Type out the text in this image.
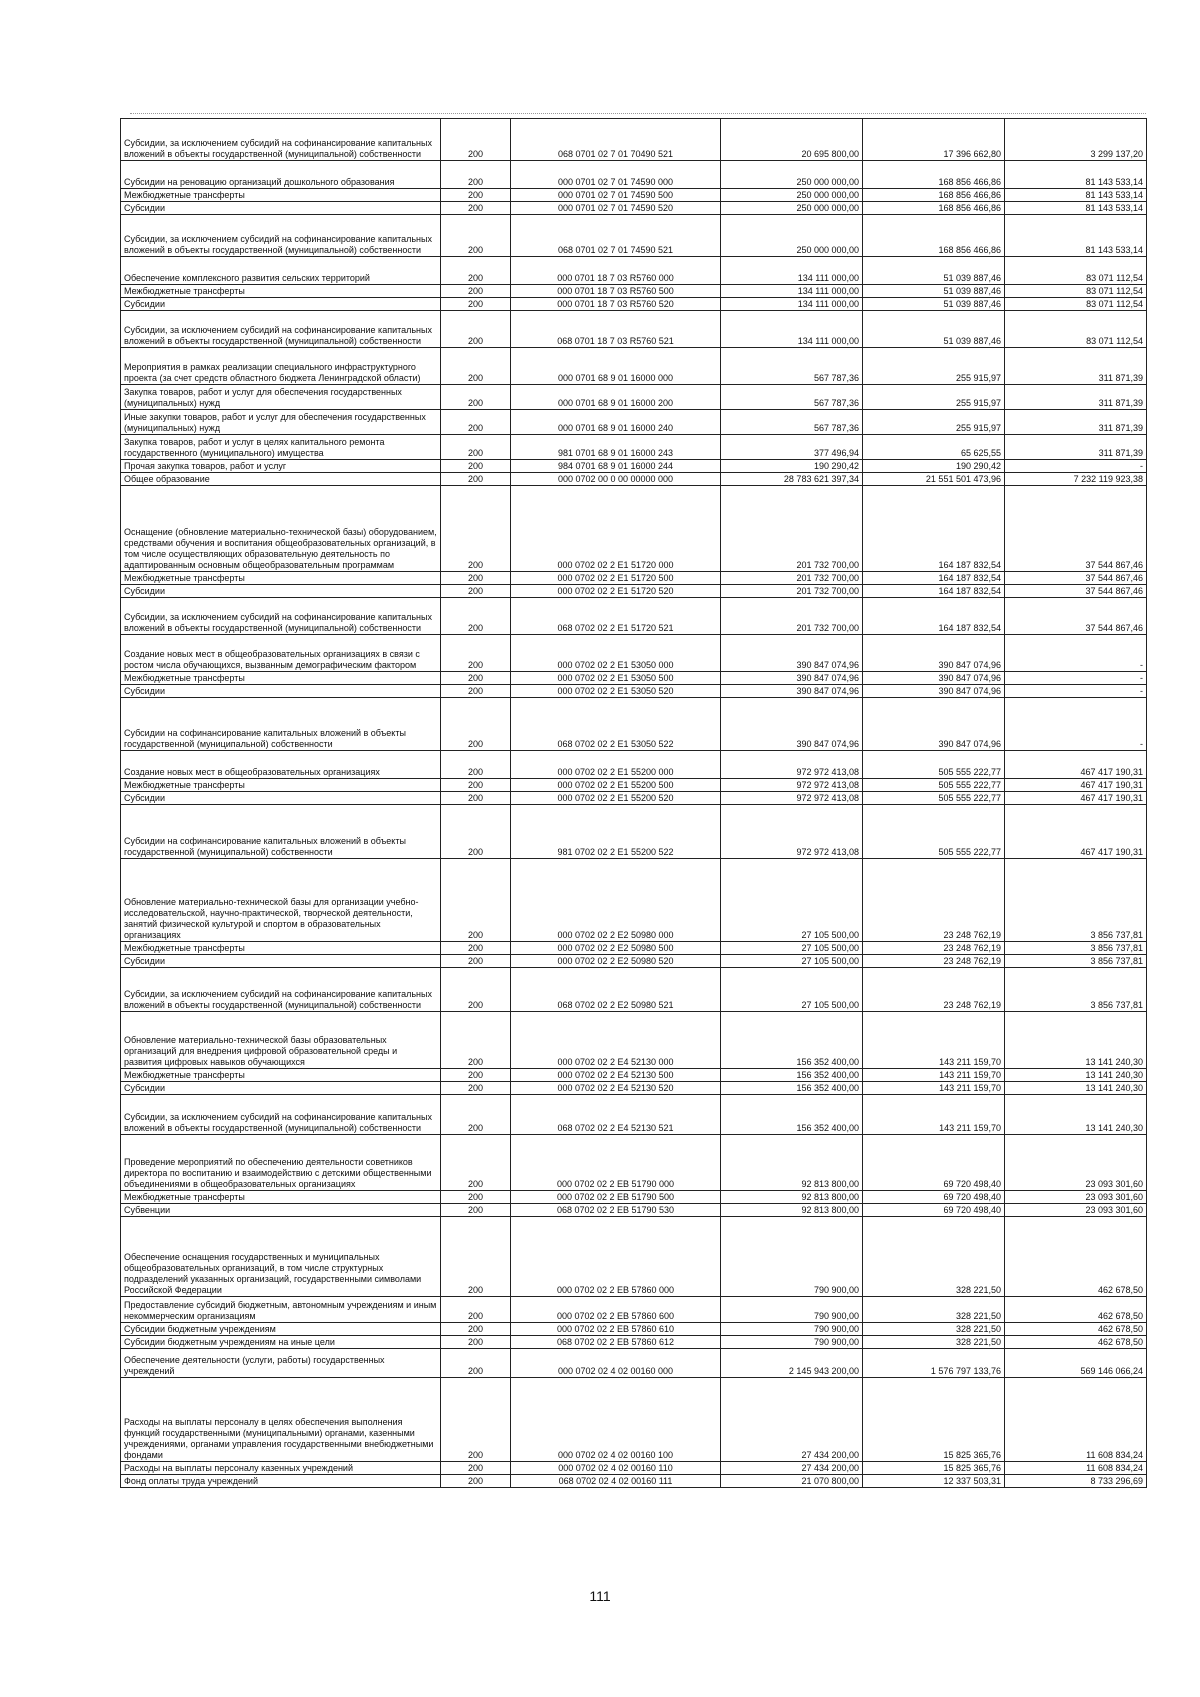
Субсидии, за исключением субсидий на софинансирование капитальных вложений в объекты государственной (муниципальной) собственности	200	068 0701 02 7 01 70490 521	20 695 800,00	17 396 662,80	3 299 137,20
Субсидии на реновацию организаций дошкольного образования	200	000 0701 02 7 01 74590 000	250 000 000,00	168 856 466,86	81 143 533,14
Межбюджетные трансферты	200	000 0701 02 7 01 74590 500	250 000 000,00	168 856 466,86	81 143 533,14
Субсидии	200	000 0701 02 7 01 74590 520	250 000 000,00	168 856 466,86	81 143 533,14
Субсидии, за исключением субсидий на софинансирование капитальных вложений в объекты государственной (муниципальной) собственности	200	068 0701 02 7 01 74590 521	250 000 000,00	168 856 466,86	81 143 533,14
Обеспечение комплексного развития сельских территорий	200	000 0701 18 7 03 R5760 000	134 111 000,00	51 039 887,46	83 071 112,54
Межбюджетные трансферты	200	000 0701 18 7 03 R5760 500	134 111 000,00	51 039 887,46	83 071 112,54
Субсидии	200	000 0701 18 7 03 R5760 520	134 111 000,00	51 039 887,46	83 071 112,54
Субсидии, за исключением субсидий на софинансирование капитальных вложений в объекты государственной (муниципальной) собственности	200	068 0701 18 7 03 R5760 521	134 111 000,00	51 039 887,46	83 071 112,54
Мероприятия в рамках реализации специального инфраструктурного проекта (за счет средств областного бюджета Ленинградской области)	200	000 0701 68 9 01 16000 000	567 787,36	255 915,97	311 871,39
Закупка товаров, работ и услуг для обеспечения государственных (муниципальных) нужд	200	000 0701 68 9 01 16000 200	567 787,36	255 915,97	311 871,39
Иные закупки товаров, работ и услуг для обеспечения государственных (муниципальных) нужд	200	000 0701 68 9 01 16000 240	567 787,36	255 915,97	311 871,39
Закупка товаров, работ и услуг в целях капитального ремонта государственного (муниципального) имущества	200	981 0701 68 9 01 16000 243	377 496,94	65 625,55	311 871,39
Прочая закупка товаров, работ и услуг	200	984 0701 68 9 01 16000 244	190 290,42	190 290,42	-
Общее образование	200	000 0702 00 0 00 00000 000	28 783 621 397,34	21 551 501 473,96	7 232 119 923,38
Оснащение (обновление материально-технической базы) оборудованием, средствами обучения и воспитания общеобразовательных организаций, в том числе осуществляющих образовательную деятельность по адаптированным основным общеобразовательным программам	200	000 0702 02 2 E1 51720 000	201 732 700,00	164 187 832,54	37 544 867,46
Межбюджетные трансферты	200	000 0702 02 2 E1 51720 500	201 732 700,00	164 187 832,54	37 544 867,46
Субсидии	200	000 0702 02 2 E1 51720 520	201 732 700,00	164 187 832,54	37 544 867,46
Субсидии, за исключением субсидий на софинансирование капитальных вложений в объекты государственной (муниципальной) собственности	200	068 0702 02 2 E1 51720 521	201 732 700,00	164 187 832,54	37 544 867,46
Создание новых мест в общеобразовательных организациях в связи с ростом числа обучающихся, вызванным демографическим фактором	200	000 0702 02 2 E1 53050 000	390 847 074,96	390 847 074,96	-
Межбюджетные трансферты	200	000 0702 02 2 E1 53050 500	390 847 074,96	390 847 074,96	-
Субсидии	200	000 0702 02 2 E1 53050 520	390 847 074,96	390 847 074,96	-
Субсидии на софинансирование капитальных вложений в объекты государственной (муниципальной) собственности	200	068 0702 02 2 E1 53050 522	390 847 074,96	390 847 074,96	-
Создание новых мест в общеобразовательных организациях	200	000 0702 02 2 E1 55200 000	972 972 413,08	505 555 222,77	467 417 190,31
Межбюджетные трансферты	200	000 0702 02 2 E1 55200 500	972 972 413,08	505 555 222,77	467 417 190,31
Субсидии	200	000 0702 02 2 E1 55200 520	972 972 413,08	505 555 222,77	467 417 190,31
Субсидии на софинансирование капитальных вложений в объекты государственной (муниципальной) собственности	200	981 0702 02 2 E1 55200 522	972 972 413,08	505 555 222,77	467 417 190,31
Обновление материально-технической базы для организации учебно-исследовательской, научно-практической, творческой деятельности, занятий физической культурой и спортом в образовательных организациях	200	000 0702 02 2 E2 50980 000	27 105 500,00	23 248 762,19	3 856 737,81
Межбюджетные трансферты	200	000 0702 02 2 E2 50980 500	27 105 500,00	23 248 762,19	3 856 737,81
Субсидии	200	000 0702 02 2 E2 50980 520	27 105 500,00	23 248 762,19	3 856 737,81
Субсидии, за исключением субсидий на софинансирование капитальных вложений в объекты государственной (муниципальной) собственности	200	068 0702 02 2 E2 50980 521	27 105 500,00	23 248 762,19	3 856 737,81
Обновление материально-технической базы образовательных организаций для внедрения цифровой образовательной среды и развития цифровых навыков обучающихся	200	000 0702 02 2 E4 52130 000	156 352 400,00	143 211 159,70	13 141 240,30
Межбюджетные трансферты	200	000 0702 02 2 E4 52130 500	156 352 400,00	143 211 159,70	13 141 240,30
Субсидии	200	000 0702 02 2 E4 52130 520	156 352 400,00	143 211 159,70	13 141 240,30
Субсидии, за исключением субсидий на софинансирование капитальных вложений в объекты государственной (муниципальной) собственности	200	068 0702 02 2 E4 52130 521	156 352 400,00	143 211 159,70	13 141 240,30
Проведение мероприятий по обеспечению деятельности советников директора по воспитанию и взаимодействию с детскими общественными объединениями в общеобразовательных организациях	200	000 0702 02 2 EВ 51790 000	92 813 800,00	69 720 498,40	23 093 301,60
Межбюджетные трансферты	200	000 0702 02 2 EВ 51790 500	92 813 800,00	69 720 498,40	23 093 301,60
Субвенции	200	068 0702 02 2 EВ 51790 530	92 813 800,00	69 720 498,40	23 093 301,60
Обеспечение оснащения государственных и муниципальных общеобразовательных организаций, в том числе структурных подразделений указанных организаций, государственными символами Российской Федерации	200	000 0702 02 2 EВ 57860 000	790 900,00	328 221,50	462 678,50
Предоставление субсидий бюджетным, автономным учреждениям и иным некоммерческим организациям	200	000 0702 02 2 EВ 57860 600	790 900,00	328 221,50	462 678,50
Субсидии бюджетным учреждениям	200	000 0702 02 2 EВ 57860 610	790 900,00	328 221,50	462 678,50
Субсидии бюджетным учреждениям на иные цели	200	068 0702 02 2 EВ 57860 612	790 900,00	328 221,50	462 678,50
Обеспечение деятельности (услуги, работы) государственных учреждений	200	000 0702 02 4 02 00160 000	2 145 943 200,00	1 576 797 133,76	569 146 066,24
Расходы на выплаты персоналу в целях обеспечения выполнения функций государственными (муниципальными) органами, казенными учреждениями, органами управления государственными внебюджетными фондами	200	000 0702 02 4 02 00160 100	27 434 200,00	15 825 365,76	11 608 834,24
Расходы на выплаты персоналу казенных учреждений	200	000 0702 02 4 02 00160 110	27 434 200,00	15 825 365,76	11 608 834,24
Фонд оплаты труда учреждений	200	068 0702 02 4 02 00160 111	21 070 800,00	12 337 503,31	8 733 296,69
111
